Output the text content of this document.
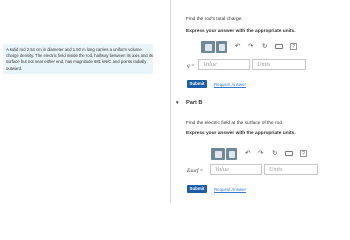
A solid rod 2.54 cm in diameter and 1.50 m long carries a uniform volume charge density. The electric field inside the rod, halfway between its axis and its surface but not near either end, has magnitude 681 kN/C and points radially outward.
Find the rod's total charge.
Express your answer with the appropriate units.
↶ ↷ ↻	?
q =	Value	Units
Submit	Request Answer
▼ Part B
Find the electric field at the surface of the rod.
Express your answer with the appropriate units.
↶ ↷ ↻	?
Esurf =	Value	Units
Submit	Request Answer
